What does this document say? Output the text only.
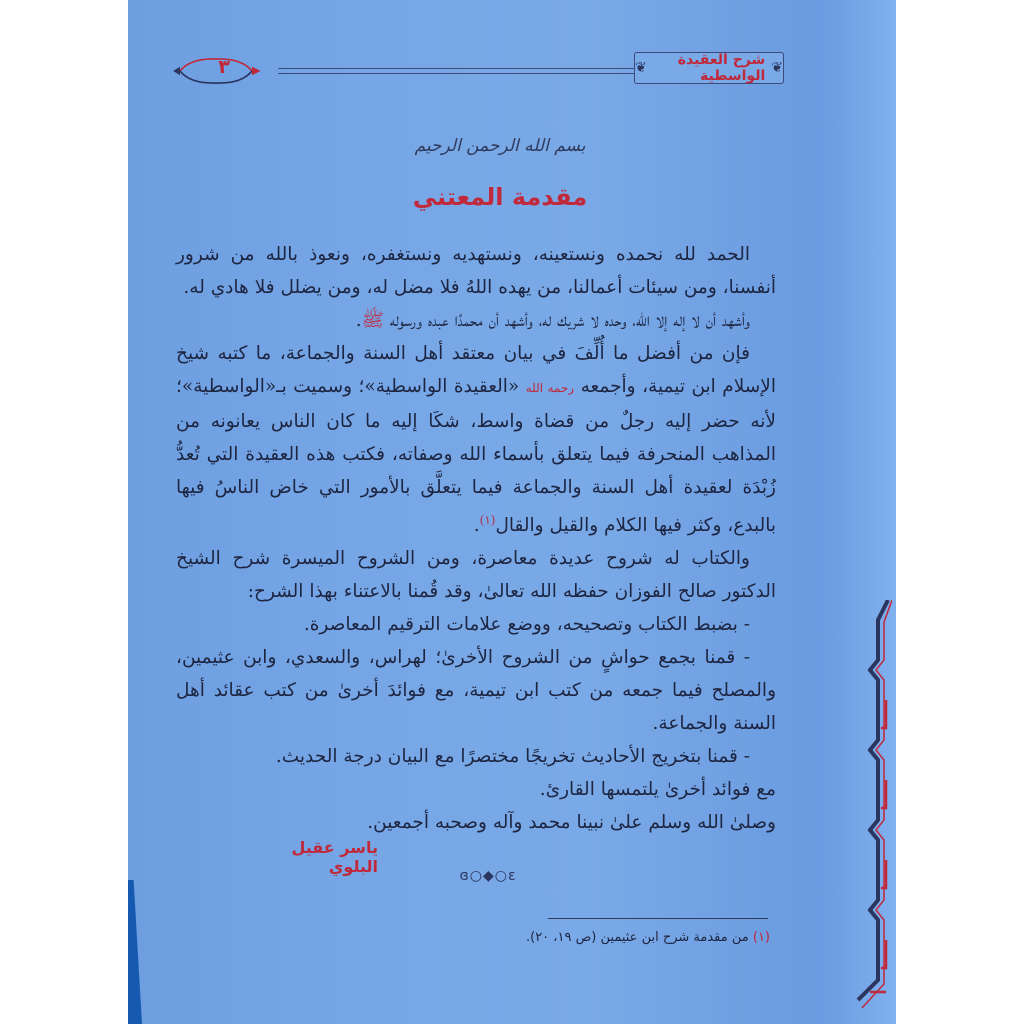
٣	❦
شرح العقيدة الواسطية
❦
بسم الله الرحمن الرحيم
مقدمة المعتني

الحمد لله نحمده ونستعينه، ونستهديه ونستغفره، ونعوذ بالله من شرور أنفسنا، ومن سيئات أعمالنا، من يهده اللهُ فلا مضل له، ومن يضلل فلا هادي له.

وأشهد أن لا إله إلا الله، وحده لا شريك له، وأشهد أن محمدًا عبده ورسوله ﷺ.

فإن من أفضل ما أُلِّفَ في بيان معتقد أهل السنة والجماعة، ما كتبه شيخ الإسلام ابن تيمية، وأجمعه رحمه الله «العقيدة الواسطية»؛ وسميت بـ«الواسطية»؛ لأنه حضر إليه رجلٌ من قضاة واسط، شكَا إليه ما كان الناس يعانونه من المذاهب المنحرفة فيما يتعلق بأسماء الله وصفاته، فكتب هذه العقيدة التي تُعدُّ زُبْدَة لعقيدة أهل السنة والجماعة فيما يتعلَّق بالأمور التي خاض الناسُ فيها بالبدع، وكثر فيها الكلام والقيل والقال$^{(١)}$.

والكتاب له شروح عديدة معاصرة، ومن الشروح الميسرة شرح الشيخ الدكتور صالح الفوزان حفظه الله تعالىٰ، وقد قُمنا بالاعتناء بهذا الشرح:

- بضبط الكتاب وتصحيحه، ووضع علامات الترقيم المعاصرة.

- قمنا بجمع حواشٍ من الشروح الأخرىٰ؛ لهراس، والسعدي، وابن عثيمين، والمصلح فيما جمعه من كتب ابن تيمية، مع فوائدَ أخرىٰ من كتب عقائد أهل السنة والجماعة.

- قمنا بتخريج الأحاديث تخريجًا مختصرًا مع البيان درجة الحديث.

مع فوائد أخرىٰ يلتمسها القارئ.

وصلىٰ الله وسلم علىٰ نبينا محمد وآله وصحبه أجمعين.

ياسر عقيل البلوي	ɞ○◆○ɛ
(١) من مقدمة شرح ابن عثيمين (ص ١٩، ٢٠).
